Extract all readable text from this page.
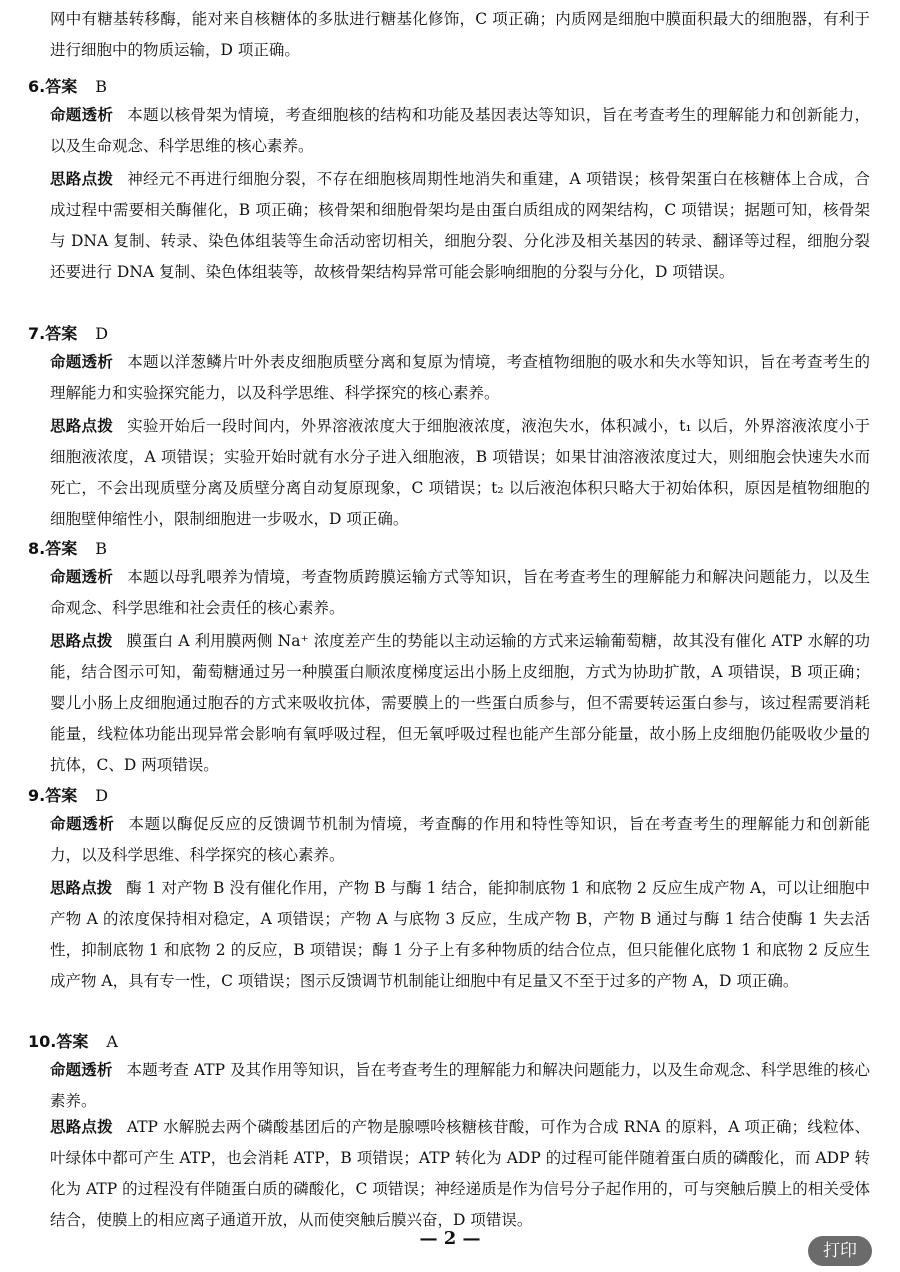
网中有糖基转移酶，能对来自核糖体的多肽进行糖基化修饰，C 项正确；内质网是细胞中膜面积最大的细胞器，有利于进行细胞中的物质运输，D 项正确。
6.答案 B
命题透析 本题以核骨架为情境，考查细胞核的结构和功能及基因表达等知识，旨在考查考生的理解能力和创新能力，以及生命观念、科学思维的核心素养。
思路点拨 神经元不再进行细胞分裂，不存在细胞核周期性地消失和重建，A 项错误；核骨架蛋白在核糖体上合成，合成过程中需要相关酶催化，B 项正确；核骨架和细胞骨架均是由蛋白质组成的网架结构，C 项错误；据题可知，核骨架与 DNA 复制、转录、染色体组装等生命活动密切相关，细胞分裂、分化涉及相关基因的转录、翻译等过程，细胞分裂还要进行 DNA 复制、染色体组装等，故核骨架结构异常可能会影响细胞的分裂与分化，D 项错误。
7.答案 D
命题透析 本题以洋葱鳞片叶外表皮细胞质壁分离和复原为情境，考查植物细胞的吸水和失水等知识，旨在考查考生的理解能力和实验探究能力，以及科学思维、科学探究的核心素养。
思路点拨 实验开始后一段时间内，外界溶液浓度大于细胞液浓度，液泡失水，体积减小，t₁ 以后，外界溶液浓度小于细胞液浓度，A 项错误；实验开始时就有水分子进入细胞液，B 项错误；如果甘油溶液浓度过大，则细胞会快速失水而死亡，不会出现质壁分离及质壁分离自动复原现象，C 项错误；t₂ 以后液泡体积只略大于初始体积，原因是植物细胞的细胞壁伸缩性小，限制细胞进一步吸水，D 项正确。
8.答案 B
命题透析 本题以母乳喂养为情境，考查物质跨膜运输方式等知识，旨在考查考生的理解能力和解决问题能力，以及生命观念、科学思维和社会责任的核心素养。
思路点拨 膜蛋白 A 利用膜两侧 Na⁺ 浓度差产生的势能以主动运输的方式来运输葡萄糖，故其没有催化 ATP 水解的功能，结合图示可知，葡萄糖通过另一种膜蛋白顺浓度梯度运出小肠上皮细胞，方式为协助扩散，A 项错误，B 项正确；婴儿小肠上皮细胞通过胞吞的方式来吸收抗体，需要膜上的一些蛋白质参与，但不需要转运蛋白参与，该过程需要消耗能量，线粒体功能出现异常会影响有氧呼吸过程，但无氧呼吸过程也能产生部分能量，故小肠上皮细胞仍能吸收少量的抗体，C、D 两项错误。
9.答案 D
命题透析 本题以酶促反应的反馈调节机制为情境，考查酶的作用和特性等知识，旨在考查考生的理解能力和创新能力，以及科学思维、科学探究的核心素养。
思路点拨 酶 1 对产物 B 没有催化作用，产物 B 与酶 1 结合，能抑制底物 1 和底物 2 反应生成产物 A，可以让细胞中产物 A 的浓度保持相对稳定，A 项错误；产物 A 与底物 3 反应，生成产物 B，产物 B 通过与酶 1 结合使酶 1 失去活性，抑制底物 1 和底物 2 的反应，B 项错误；酶 1 分子上有多种物质的结合位点，但只能催化底物 1 和底物 2 反应生成产物 A，具有专一性，C 项错误；图示反馈调节机制能让细胞中有足量又不至于过多的产物 A，D 项正确。
10.答案 A
命题透析 本题考查 ATP 及其作用等知识，旨在考查考生的理解能力和解决问题能力，以及生命观念、科学思维的核心素养。
思路点拨 ATP 水解脱去两个磷酸基团后的产物是腺嘌呤核糖核苷酸，可作为合成 RNA 的原料，A 项正确；线粒体、叶绿体中都可产生 ATP，也会消耗 ATP，B 项错误；ATP 转化为 ADP 的过程可能伴随着蛋白质的磷酸化，而 ADP 转化为 ATP 的过程没有伴随蛋白质的磷酸化，C 项错误；神经递质是作为信号分子起作用的，可与突触后膜上的相关受体结合，使膜上的相应离子通道开放，从而使突触后膜兴奋，D 项错误。
— 2 —
打印
